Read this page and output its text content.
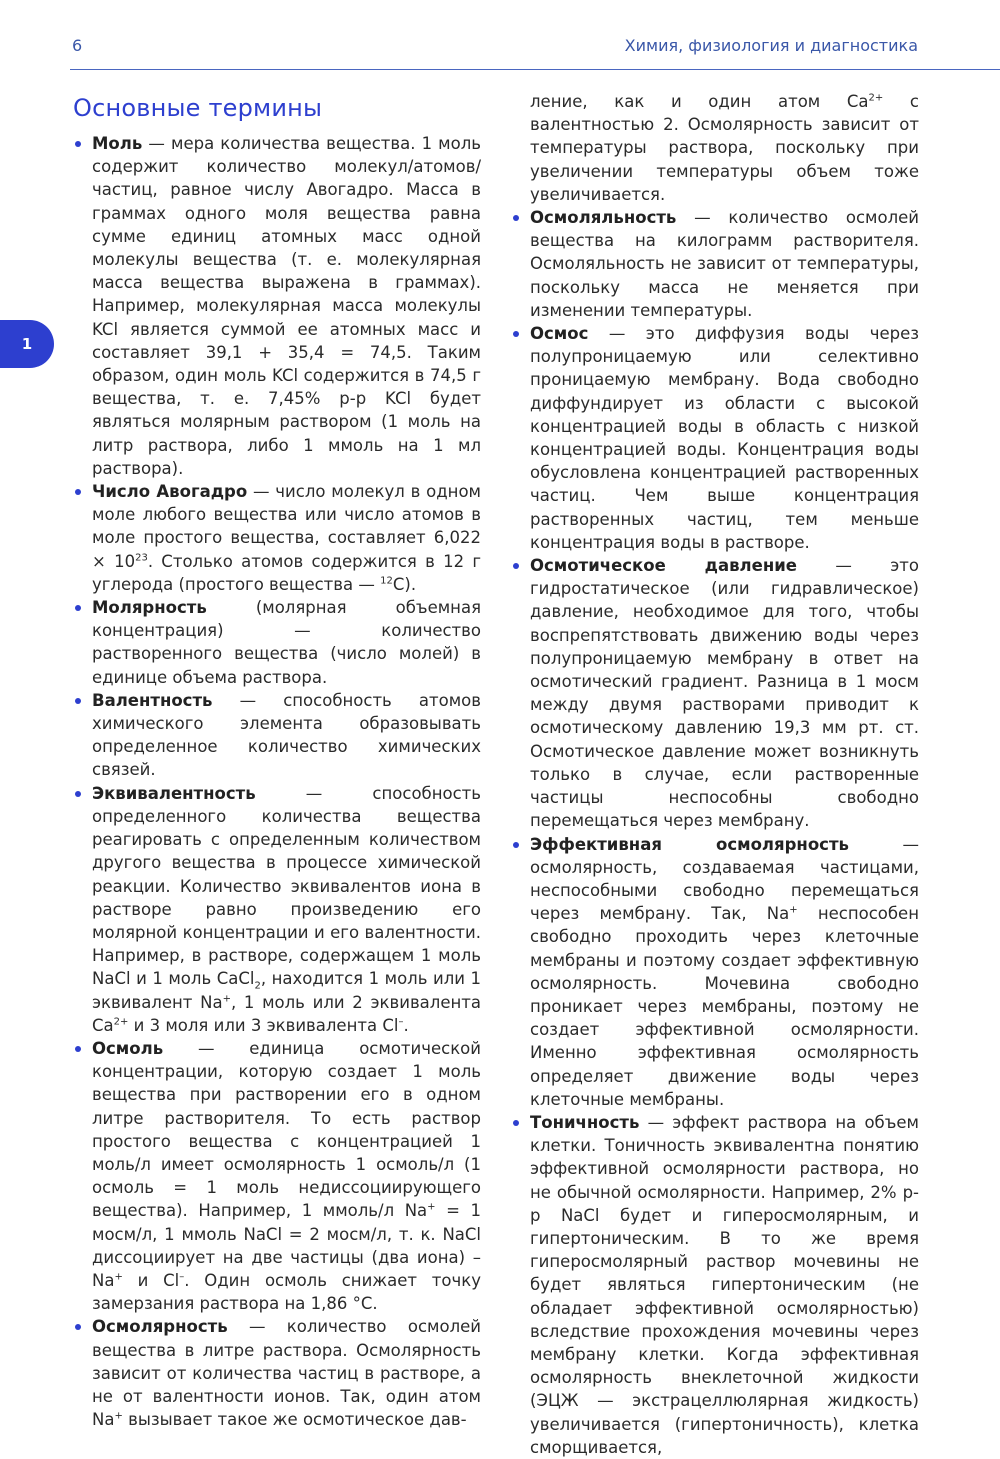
6	Химия, физиология и диагностика
1
Основные термины
Моль — мера количества вещества. 1 моль содержит количество молекул/атомов/частиц, равное числу Авогадро. Масса в граммах одного моля вещества равна сумме единиц атомных масс одной молекулы вещества (т. е. молекулярная масса вещества выражена в граммах). Например, молекулярная масса молекулы KCl является суммой ее атомных масс и составляет 39,1 + 35,4 = 74,5. Таким образом, один моль KCl содержится в 74,5 г вещества, т. е. 7,45% р-р KCl будет являться молярным раствором (1 моль на литр раствора, либо 1 ммоль на 1 мл раствора).
Число Авогадро — число молекул в одном моле любого вещества или число атомов в моле простого вещества, составляет $6,022 \times 10^{23}$. Столько атомов содержится в 12 г углерода (простого вещества — $^{12}$C).
Молярность (молярная объемная концентрация) — количество растворенного вещества (число молей) в единице объема раствора.
Валентность — способность атомов химического элемента образовывать определенное количество химических связей.
Эквивалентность — способность определенного количества вещества реагировать с определенным количеством другого вещества в процессе химической реакции. Количество эквивалентов иона в растворе равно произведению его молярной концентрации и его валентности. Например, в растворе, содержащем 1 моль NaCl и 1 моль CaCl$_2$, находится 1 моль или 1 эквивалент Na+, 1 моль или 2 эквивалента $Ca^{2+}$ и 3 моля или 3 эквивалента Cl–.
Осмоль — единица осмотической концентрации, которую создает 1 моль вещества при растворении его в одном литре растворителя. То есть раствор простого вещества с концентрацией 1 моль/л имеет осмолярность 1 осмоль/л (1 осмоль = 1 моль недиссоциирующего вещества). Например, 1 ммоль/л Na+ = 1 мосм/л, 1 ммоль NaCl = 2 мосм/л, т. к. NaCl диссоциирует на две частицы (два иона) – Na+ и Cl–. Один осмоль снижает точку замерзания раствора на 1,86 °C.
Осмолярность — количество осмолей вещества в литре раствора. Осмолярность зависит от количества частиц в растворе, а не от валентности ионов. Так, один атом Na+ вызывает такое же осмотическое дав-
ление, как и один атом $Ca^{2+}$ с валентностью 2. Осмолярность зависит от температуры раствора, поскольку при увеличении температуры объем тоже увеличивается.
Осмоляльность — количество осмолей вещества на килограмм растворителя. Осмоляльность не зависит от температуры, поскольку масса не меняется при изменении температуры.
Осмос — это диффузия воды через полупроницаемую или селективно проницаемую мембрану. Вода свободно диффундирует из области с высокой концентрацией воды в область с низкой концентрацией воды. Концентрация воды обусловлена концентрацией растворенных частиц. Чем выше концентрация растворенных частиц, тем меньше концентрация воды в растворе.
Осмотическое давление — это гидростатическое (или гидравлическое) давление, необходимое для того, чтобы воспрепятствовать движению воды через полупроницаемую мембрану в ответ на осмотический градиент. Разница в 1 мосм между двумя растворами приводит к осмотическому давлению 19,3 мм рт. ст. Осмотическое давление может возникнуть только в случае, если растворенные частицы неспособны свободно перемещаться через мембрану.
Эффективная осмолярность — осмолярность, создаваемая частицами, неспособными свободно перемещаться через мембрану. Так, Na+ неспособен свободно проходить через клеточные мембраны и поэтому создает эффективную осмолярность. Мочевина свободно проникает через мембраны, поэтому не создает эффективной осмолярности. Именно эффективная осмолярность определяет движение воды через клеточные мембраны.
Тоничность — эффект раствора на объем клетки. Тоничность эквивалентна понятию эффективной осмолярности раствора, но не обычной осмолярности. Например, 2% р-р NaCl будет и гиперосмолярным, и гипертоническим. В то же время гиперосмолярный раствор мочевины не будет являться гипертоническим (не обладает эффективной осмолярностью) вследствие прохождения мочевины через мембрану клетки. Когда эффективная осмолярность внеклеточной жидкости (ЭЦЖ — экстрацеллюлярная жидкость) увеличивается (гипертоничность), клетка сморщивается,
